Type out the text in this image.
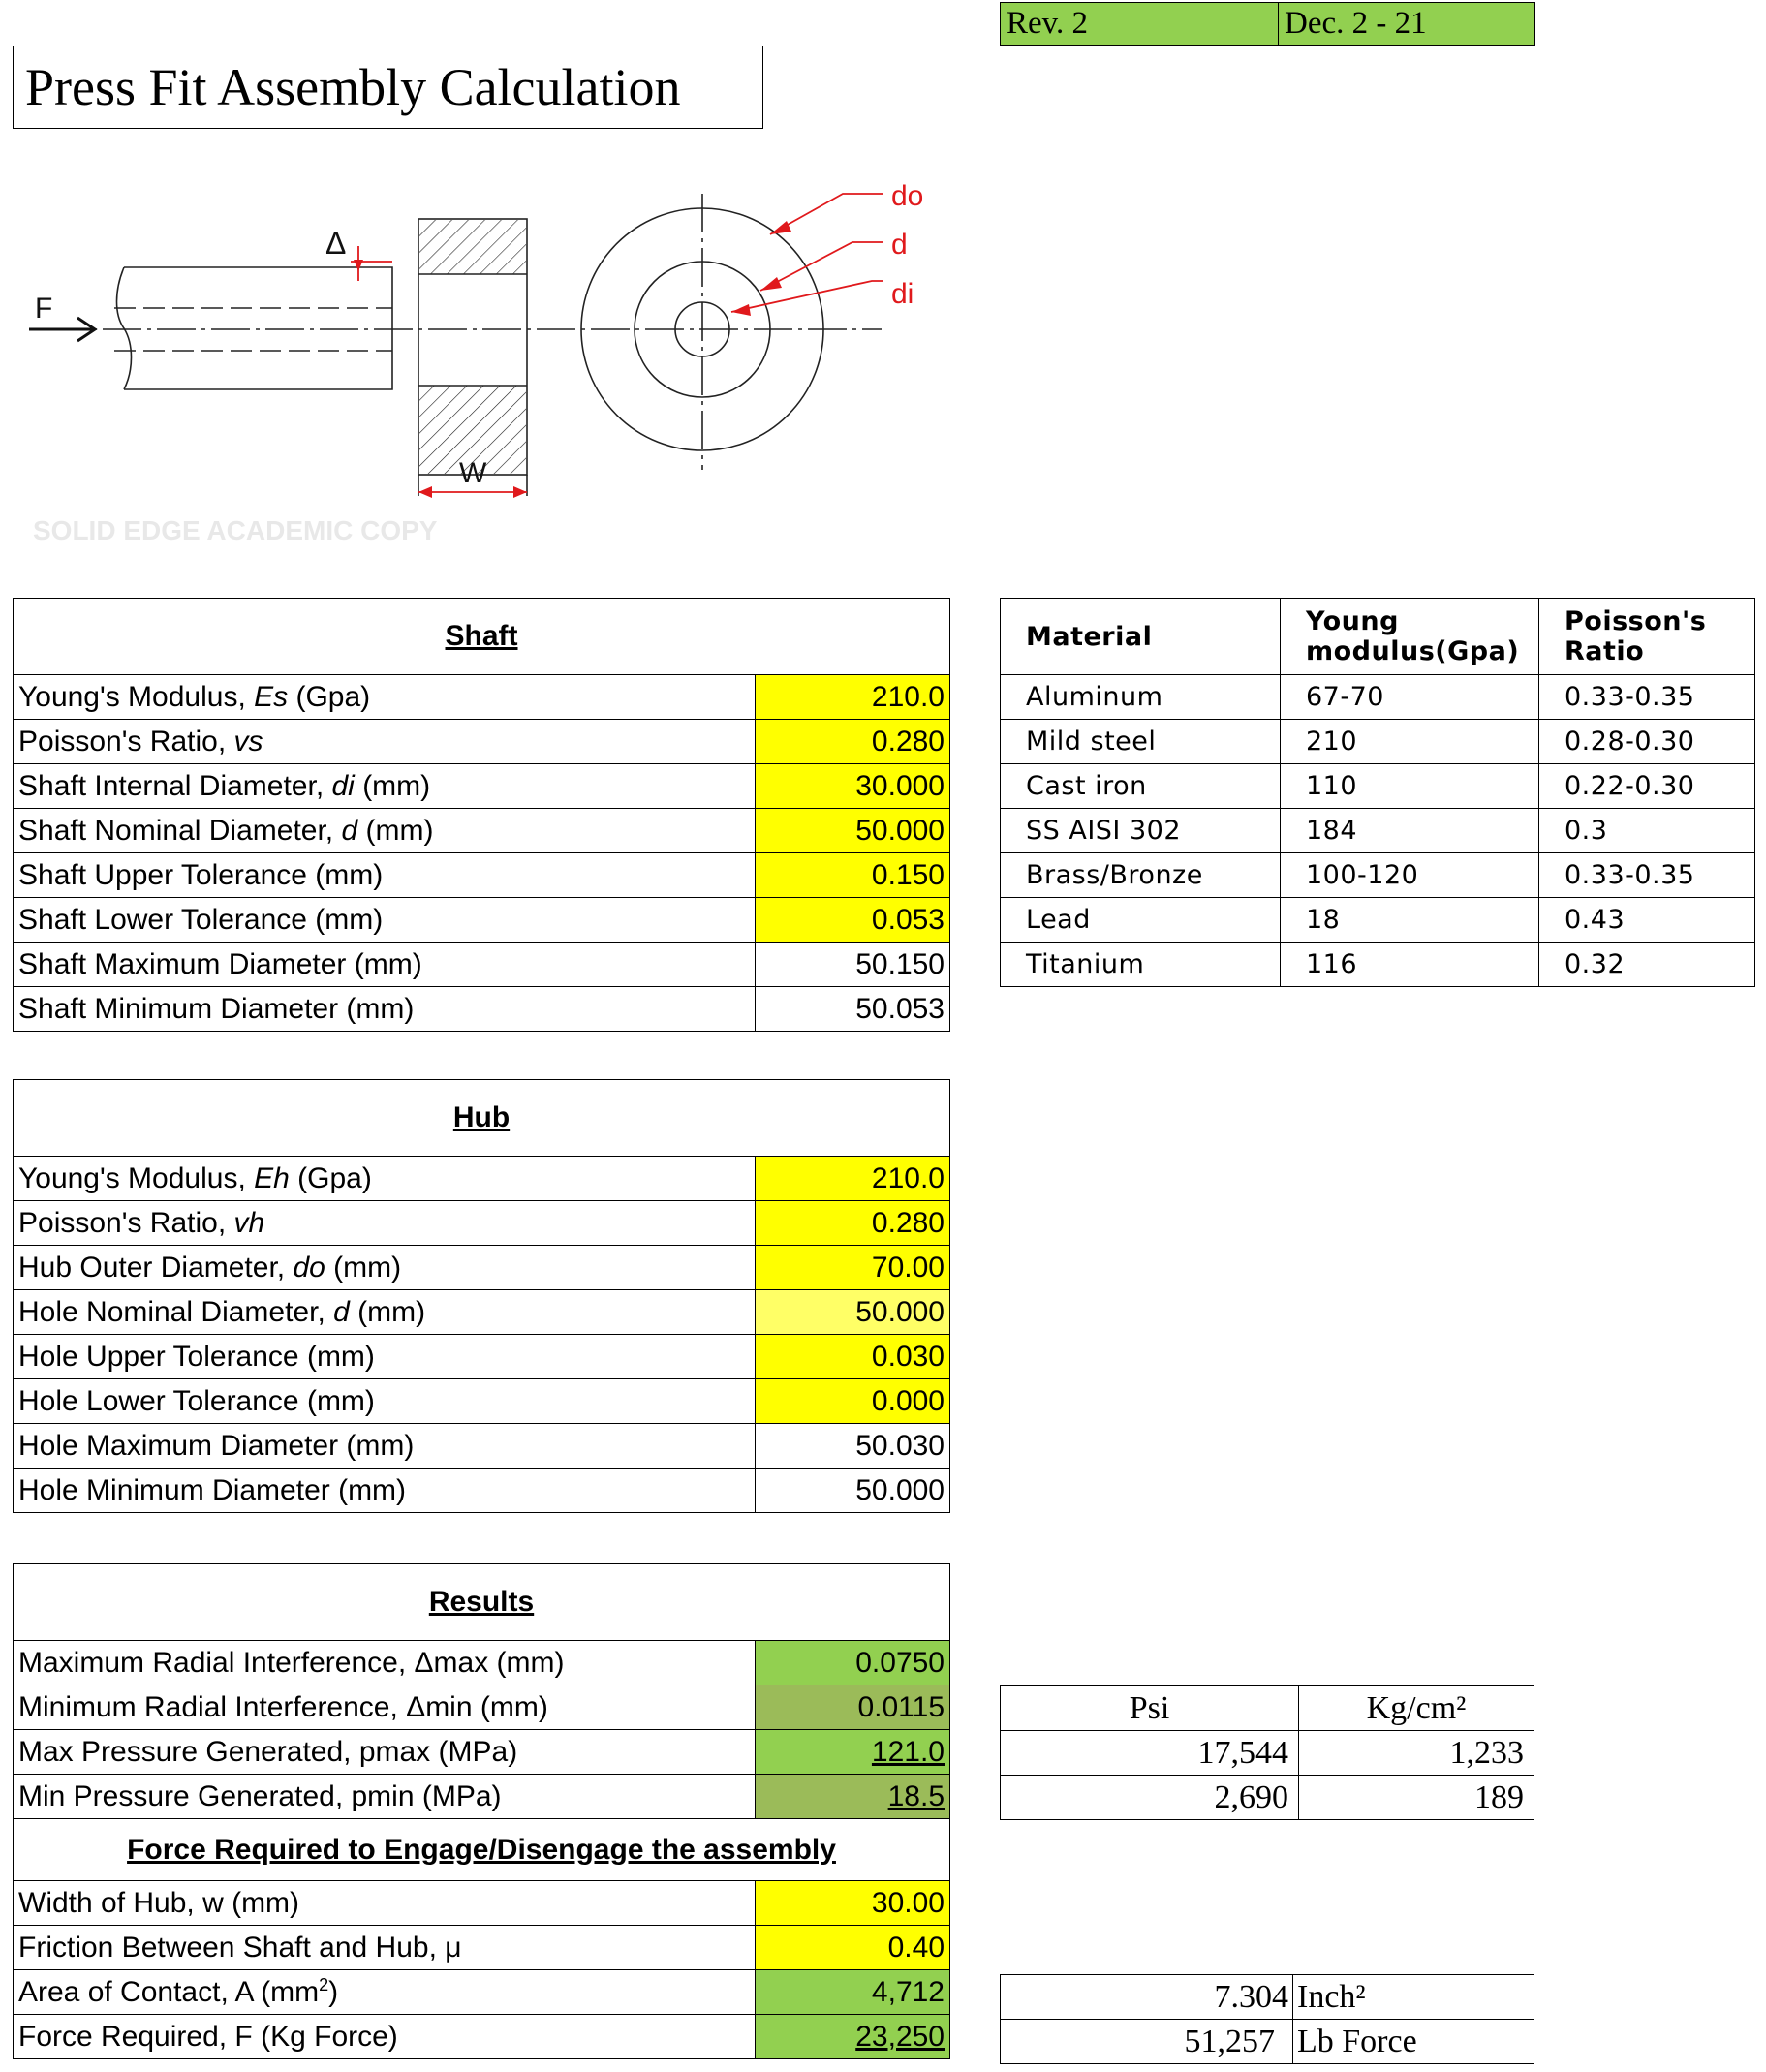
Rev. 2	Dec. 2 - 21
Press Fit Assembly Calculation
do
d
di
Δ
F
W
SOLID EDGE ACADEMIC COPY
Shaft	
Young's Modulus, Es (Gpa)	210.0
Poisson's Ratio, vs	0.280
Shaft Internal Diameter, di (mm)	30.000
Shaft Nominal Diameter, d (mm)	50.000
Shaft Upper Tolerance (mm)	0.150
Shaft Lower Tolerance (mm)	0.053
Shaft Maximum Diameter (mm)	50.150
Shaft Minimum Diameter (mm)	50.053
Hub	
Young's Modulus, Eh (Gpa)	210.0
Poisson's Ratio, vh	0.280
Hub Outer Diameter, do (mm)	70.00
Hole Nominal Diameter, d (mm)	50.000
Hole Upper Tolerance (mm)	0.030
Hole Lower Tolerance (mm)	0.000
Hole Maximum Diameter (mm)	50.030
Hole Minimum Diameter (mm)	50.000
Results	
Maximum Radial Interference, Δmax (mm)	0.0750
Minimum Radial Interference, Δmin (mm)	0.0115
Max Pressure Generated, pmax (MPa)	121.0
Min Pressure Generated, pmin (MPa)	18.5
Force Required to Engage/Disengage the assembly	
Width of Hub, w (mm)	30.00
Friction Between Shaft and Hub, μ	0.40
Area of Contact, A $(mm^2)$	4,712
Force Required, F (Kg Force)	23,250
Material	Young modulus(Gpa)	Poisson's Ratio
Aluminum	67-70	0.33-0.35
Mild steel	210	0.28-0.30
Cast iron	110	0.22-0.30
SS AISI 302	184	0.3
Brass/Bronze	100-120	0.33-0.35
Lead	18	0.43
Titanium	116	0.32
Psi	Kg/cm²
17,544	1,233
2,690	189
7.304	Inch²
51,257	Lb Force
